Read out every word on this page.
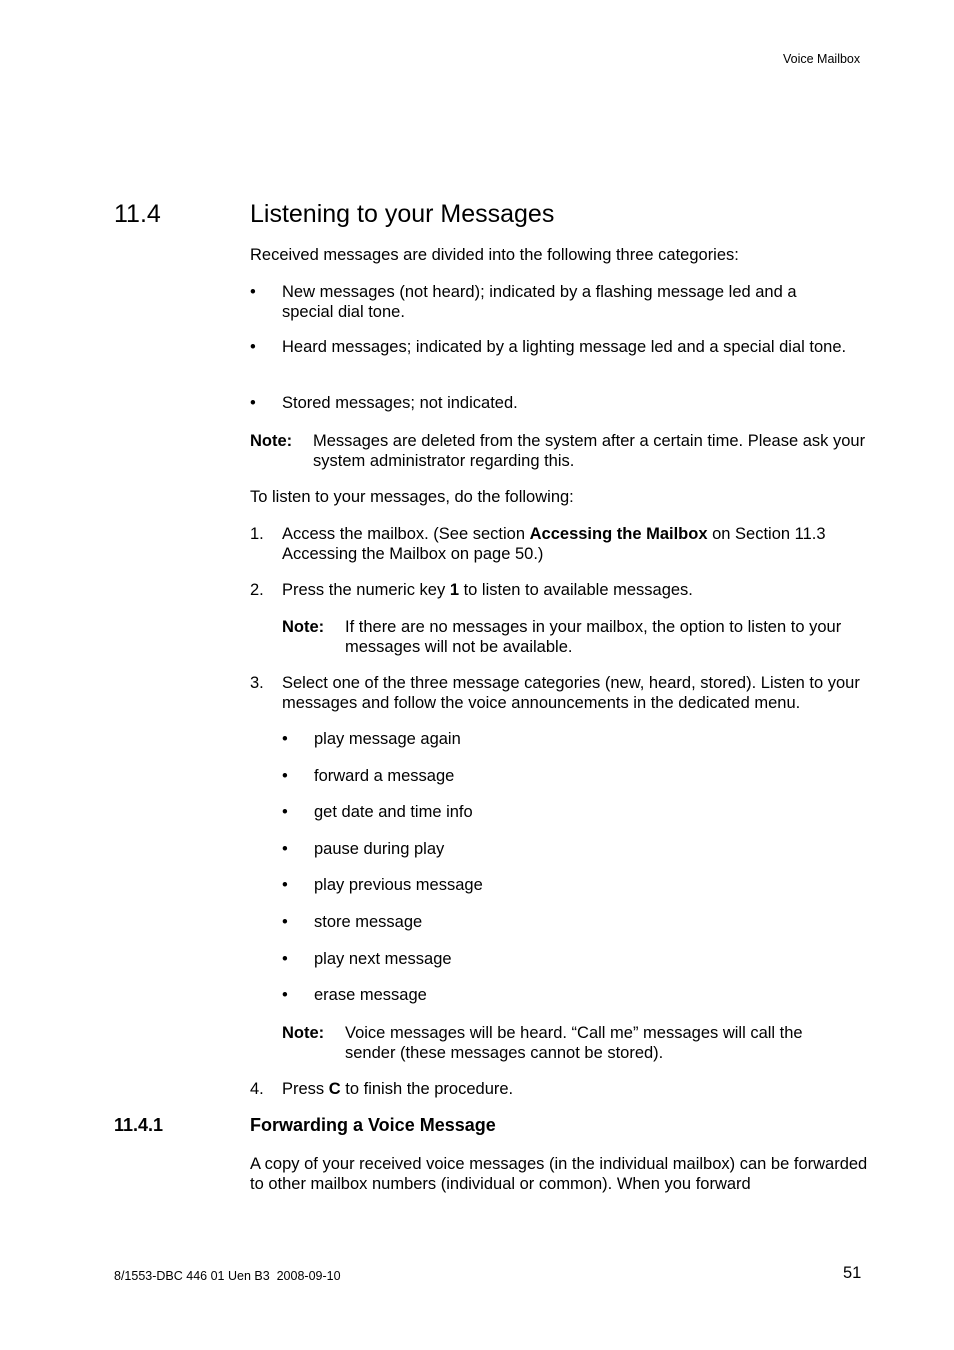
Voice Mailbox
11.4	Listening to your Messages
Received messages are divided into the following three categories:
• New messages (not heard); indicated by a flashing message led and a special dial tone.
• Heard messages; indicated by a lighting message led and a special dial tone.
• Stored messages; not indicated.
Note: Messages are deleted from the system after a certain time. Please ask your system administrator regarding this.
To listen to your messages, do the following:
1. Access the mailbox. (See section Accessing the Mailbox on Section 11.3 Accessing the Mailbox on page 50.)
2. Press the numeric key 1 to listen to available messages.
Note: If there are no messages in your mailbox, the option to listen to your messages will not be available.
3. Select one of the three message categories (new, heard, stored). Listen to your messages and follow the voice announcements in the dedicated menu.
• play message again
• forward a message
• get date and time info
• pause during play
• play previous message
• store message
• play next message
• erase message
Note: Voice messages will be heard. “Call me” messages will call the sender (these messages cannot be stored).
4. Press C to finish the procedure.
11.4.1	Forwarding a Voice Message
A copy of your received voice messages (in the individual mailbox) can be forwarded to other mailbox numbers (individual or common). When you forward
8/1553-DBC 446 01 Uen B3  2008-09-10	51
